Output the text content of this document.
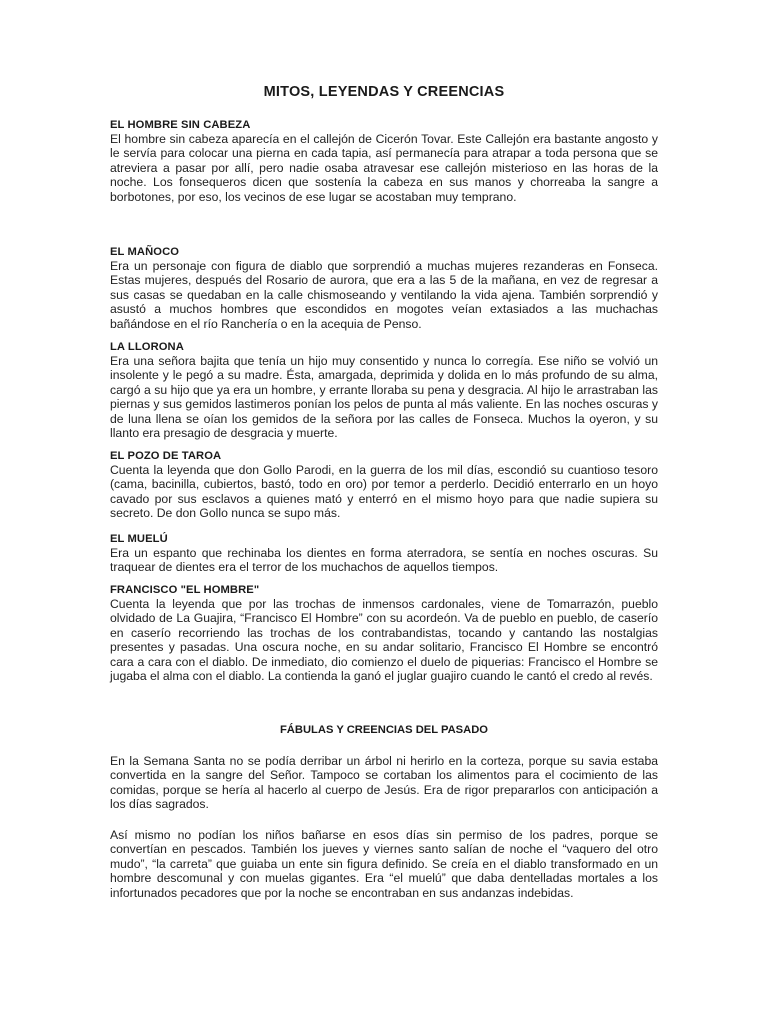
MITOS, LEYENDAS Y CREENCIAS
EL HOMBRE SIN CABEZA

El hombre sin cabeza aparecía en el callejón de Cicerón Tovar. Este Callejón era bastante angosto y le servía para colocar una pierna en cada tapia, así permanecía para atrapar a toda persona que se atreviera a pasar por allí, pero nadie osaba atravesar ese callejón misterioso en las horas de la noche. Los fonsequeros dicen que sostenía la cabeza en sus manos y chorreaba la sangre a borbotones, por eso, los vecinos de ese lugar se acostaban muy temprano.

EL MAÑOCO

Era un personaje con figura de diablo que sorprendió a muchas mujeres rezanderas en Fonseca. Estas mujeres, después del Rosario de aurora, que era a las 5 de la mañana, en vez de regresar a sus casas se quedaban en la calle chismoseando y ventilando la vida ajena. También sorprendió y asustó a muchos hombres que escondidos en mogotes veían extasiados a las muchachas bañándose en el río Ranchería o en la acequia de Penso.

LA LLORONA

Era una señora bajita que tenía un hijo muy consentido y nunca lo corregía. Ese niño se volvió un insolente y le pegó a su madre. Ésta, amargada, deprimida y dolida en lo más profundo de su alma, cargó a su hijo que ya era un hombre, y errante lloraba su pena y desgracia. Al hijo le arrastraban las piernas y sus gemidos lastimeros ponían los pelos de punta al más valiente. En las noches oscuras y de luna llena se oían los gemidos de la señora por las calles de Fonseca. Muchos la oyeron, y su llanto era presagio de desgracia y muerte.

EL POZO DE TAROA

Cuenta la leyenda que don Gollo Parodi, en la guerra de los mil días, escondió su cuantioso tesoro (cama, bacinilla, cubiertos, bastó, todo en oro) por temor a perderlo. Decidió enterrarlo en un hoyo cavado por sus esclavos a quienes mató y enterró en el mismo hoyo para que nadie supiera su secreto. De don Gollo nunca se supo más.

EL MUELÚ

Era un espanto que rechinaba los dientes en forma aterradora, se sentía en noches oscuras. Su traquear de dientes era el terror de los muchachos de aquellos tiempos.

FRANCISCO "EL HOMBRE"

Cuenta la leyenda que por las trochas de inmensos cardonales, viene de Tomarrazón, pueblo olvidado de La Guajira, “Francisco El Hombre” con su acordeón. Va de pueblo en pueblo, de caserío en caserío recorriendo las trochas de los contrabandistas, tocando y cantando las nostalgias presentes y pasadas. Una oscura noche, en su andar solitario, Francisco El Hombre se encontró cara a cara con el diablo. De inmediato, dio comienzo el duelo de piquerias: Francisco el Hombre se jugaba el alma con el diablo. La contienda la ganó el juglar guajiro cuando le cantó el credo al revés.

FÁBULAS Y CREENCIAS DEL PASADO

En la Semana Santa no se podía derribar un árbol ni herirlo en la corteza, porque su savia estaba convertida en la sangre del Señor. Tampoco se cortaban los alimentos para el cocimiento de las comidas, porque se hería al hacerlo al cuerpo de Jesús. Era de rigor prepararlos con anticipación a los días sagrados.

Así mismo no podían los niños bañarse en esos días sin permiso de los padres, porque se convertían en pescados. También los jueves y viernes santo salían de noche el “vaquero del otro mudo”, “la carreta” que guiaba un ente sin figura definido. Se creía en el diablo transformado en un hombre descomunal y con muelas gigantes. Era “el muelú” que daba dentelladas mortales a los infortunados pecadores que por la noche se encontraban en sus andanzas indebidas.
